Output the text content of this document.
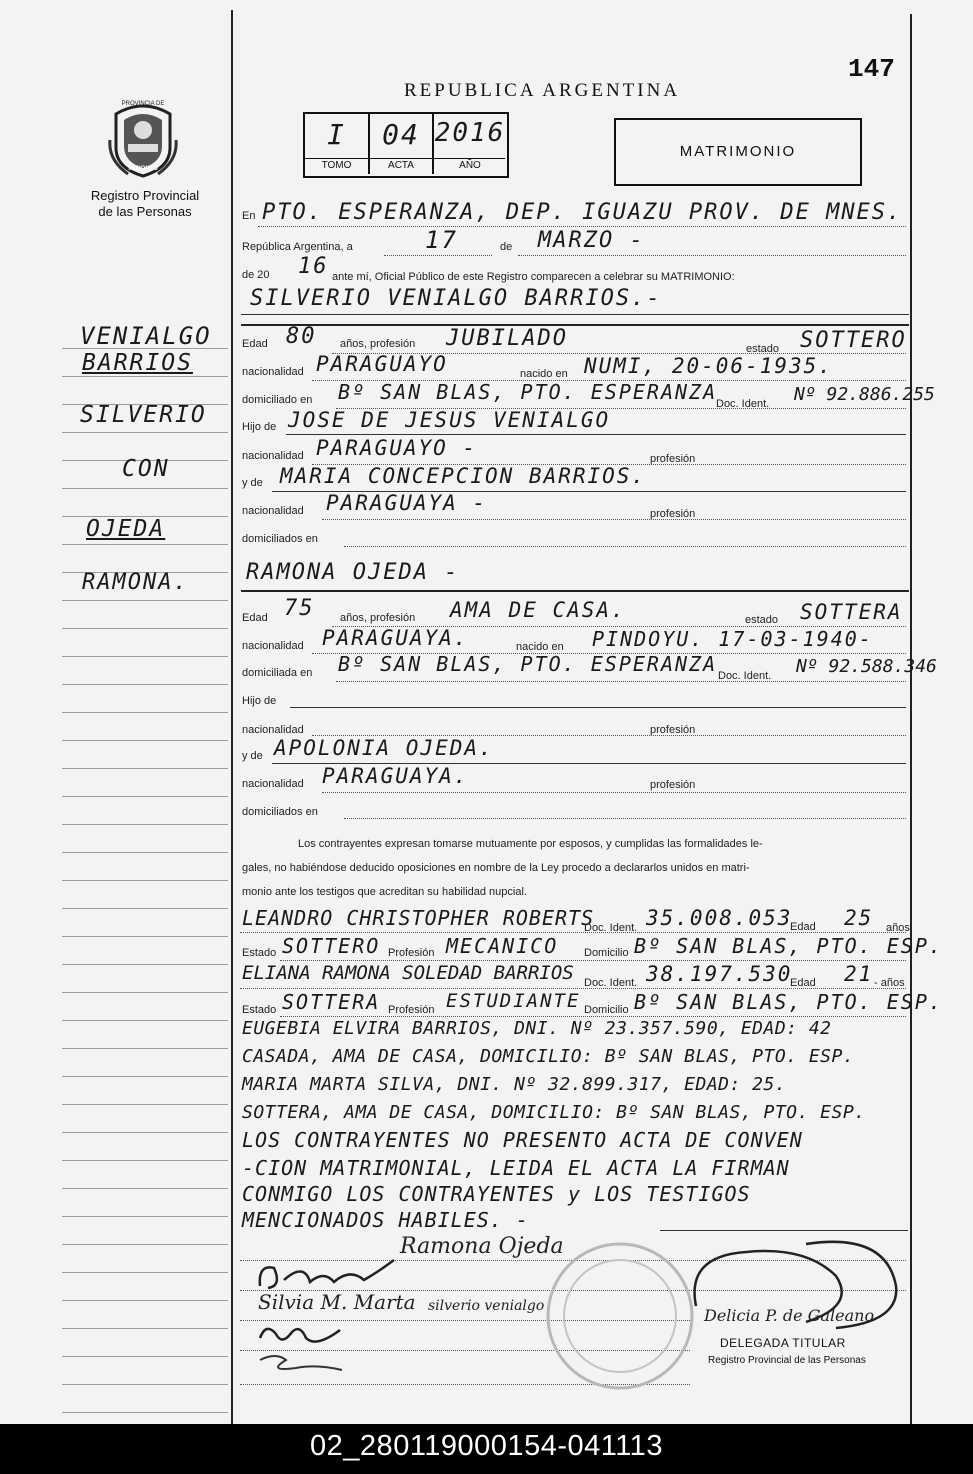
147
PROVINCIA DE
MISIONES
Registro Provincial
de las Personas
REPUBLICA ARGENTINA
I	04 2016
TOMO	ACTA	AÑO
MATRIMONIO
VENIALGO
BARRIOS
SILVERIO
CON
OJEDA
RAMONA.
En PTO. ESPERANZA, DEP. IGUAZU PROV. DE MNES.
República Argentina, a	17	de MARZO -
de 20 16 ante mí, Oficial Público de este Registro comparecen a celebrar su MATRIMONIO:
SILVERIO VENIALGO BARRIOS.-
Edad 80 años, profesión JUBILADO	estado SOTTERO
nacionalidad PARAGUAYO	nacido en NUMI, 20-06-1935.
domiciliado en Bº SAN BLAS, PTO. ESPERANZA
Doc. Ident. Nº 92.886.255
Hijo de JOSE DE JESUS VENIALGO
nacionalidad PARAGUAYO -	profesión
y de MARIA CONCEPCION BARRIOS.
nacionalidad PARAGUAYA -	profesión
domiciliados en
RAMONA OJEDA -
Edad 75 años, profesión AMA DE CASA.	estado SOTTERA
nacionalidad PARAGUAYA.	nacido en PINDOYU. 17-03-1940-
domiciliada en Bº SAN BLAS, PTO. ESPERANZA Doc. Ident. Nº 92.588.346
Hijo de
nacionalidad	profesión
y de APOLONIA OJEDA.
nacionalidad PARAGUAYA.	profesión
domiciliados en
Los contrayentes expresan tomarse mutuamente por esposos, y cumplidas las formalidades le-
gales, no habiéndose deducido oposiciones en nombre de la Ley procedo a declararlos unidos en matri-
monio ante los testigos que acreditan su habilidad nupcial.
LEANDRO CHRISTOPHER ROBERTS
Doc. Ident. 35.008.053
Edad 25 años
Estado SOTTERO Profesión MECANICO Domicilio Bº SAN BLAS, PTO. ESP.
ELIANA RAMONA SOLEDAD BARRIOS Doc. Ident. 38.197.530
Edad 21 - años
Estado SOTTERA Profesión ESTUDIANTE Domicilio Bº SAN BLAS, PTO. ESP.
EUGEBIA ELVIRA BARRIOS, DNI. Nº 23.357.590, EDAD: 42
CASADA, AMA DE CASA, DOMICILIO: Bº SAN BLAS, PTO. ESP.
MARIA MARTA SILVA, DNI. Nº 32.899.317, EDAD: 25.
SOTTERA, AMA DE CASA, DOMICILIO: Bº SAN BLAS, PTO. ESP.
LOS CONTRAYENTES NO PRESENTO ACTA DE CONVEN
-CION MATRIMONIAL, LEIDA EL ACTA LA FIRMAN
CONMIGO LOS CONTRAYENTES y LOS TESTIGOS
MENCIONADOS HABILES. -
Ramona Ojeda
Silvia M. Marta silverio venialgo	Delicia P. de Galeano
DELEGADA TITULAR
Registro Provincial de las Personas
02_280119000154-041113
